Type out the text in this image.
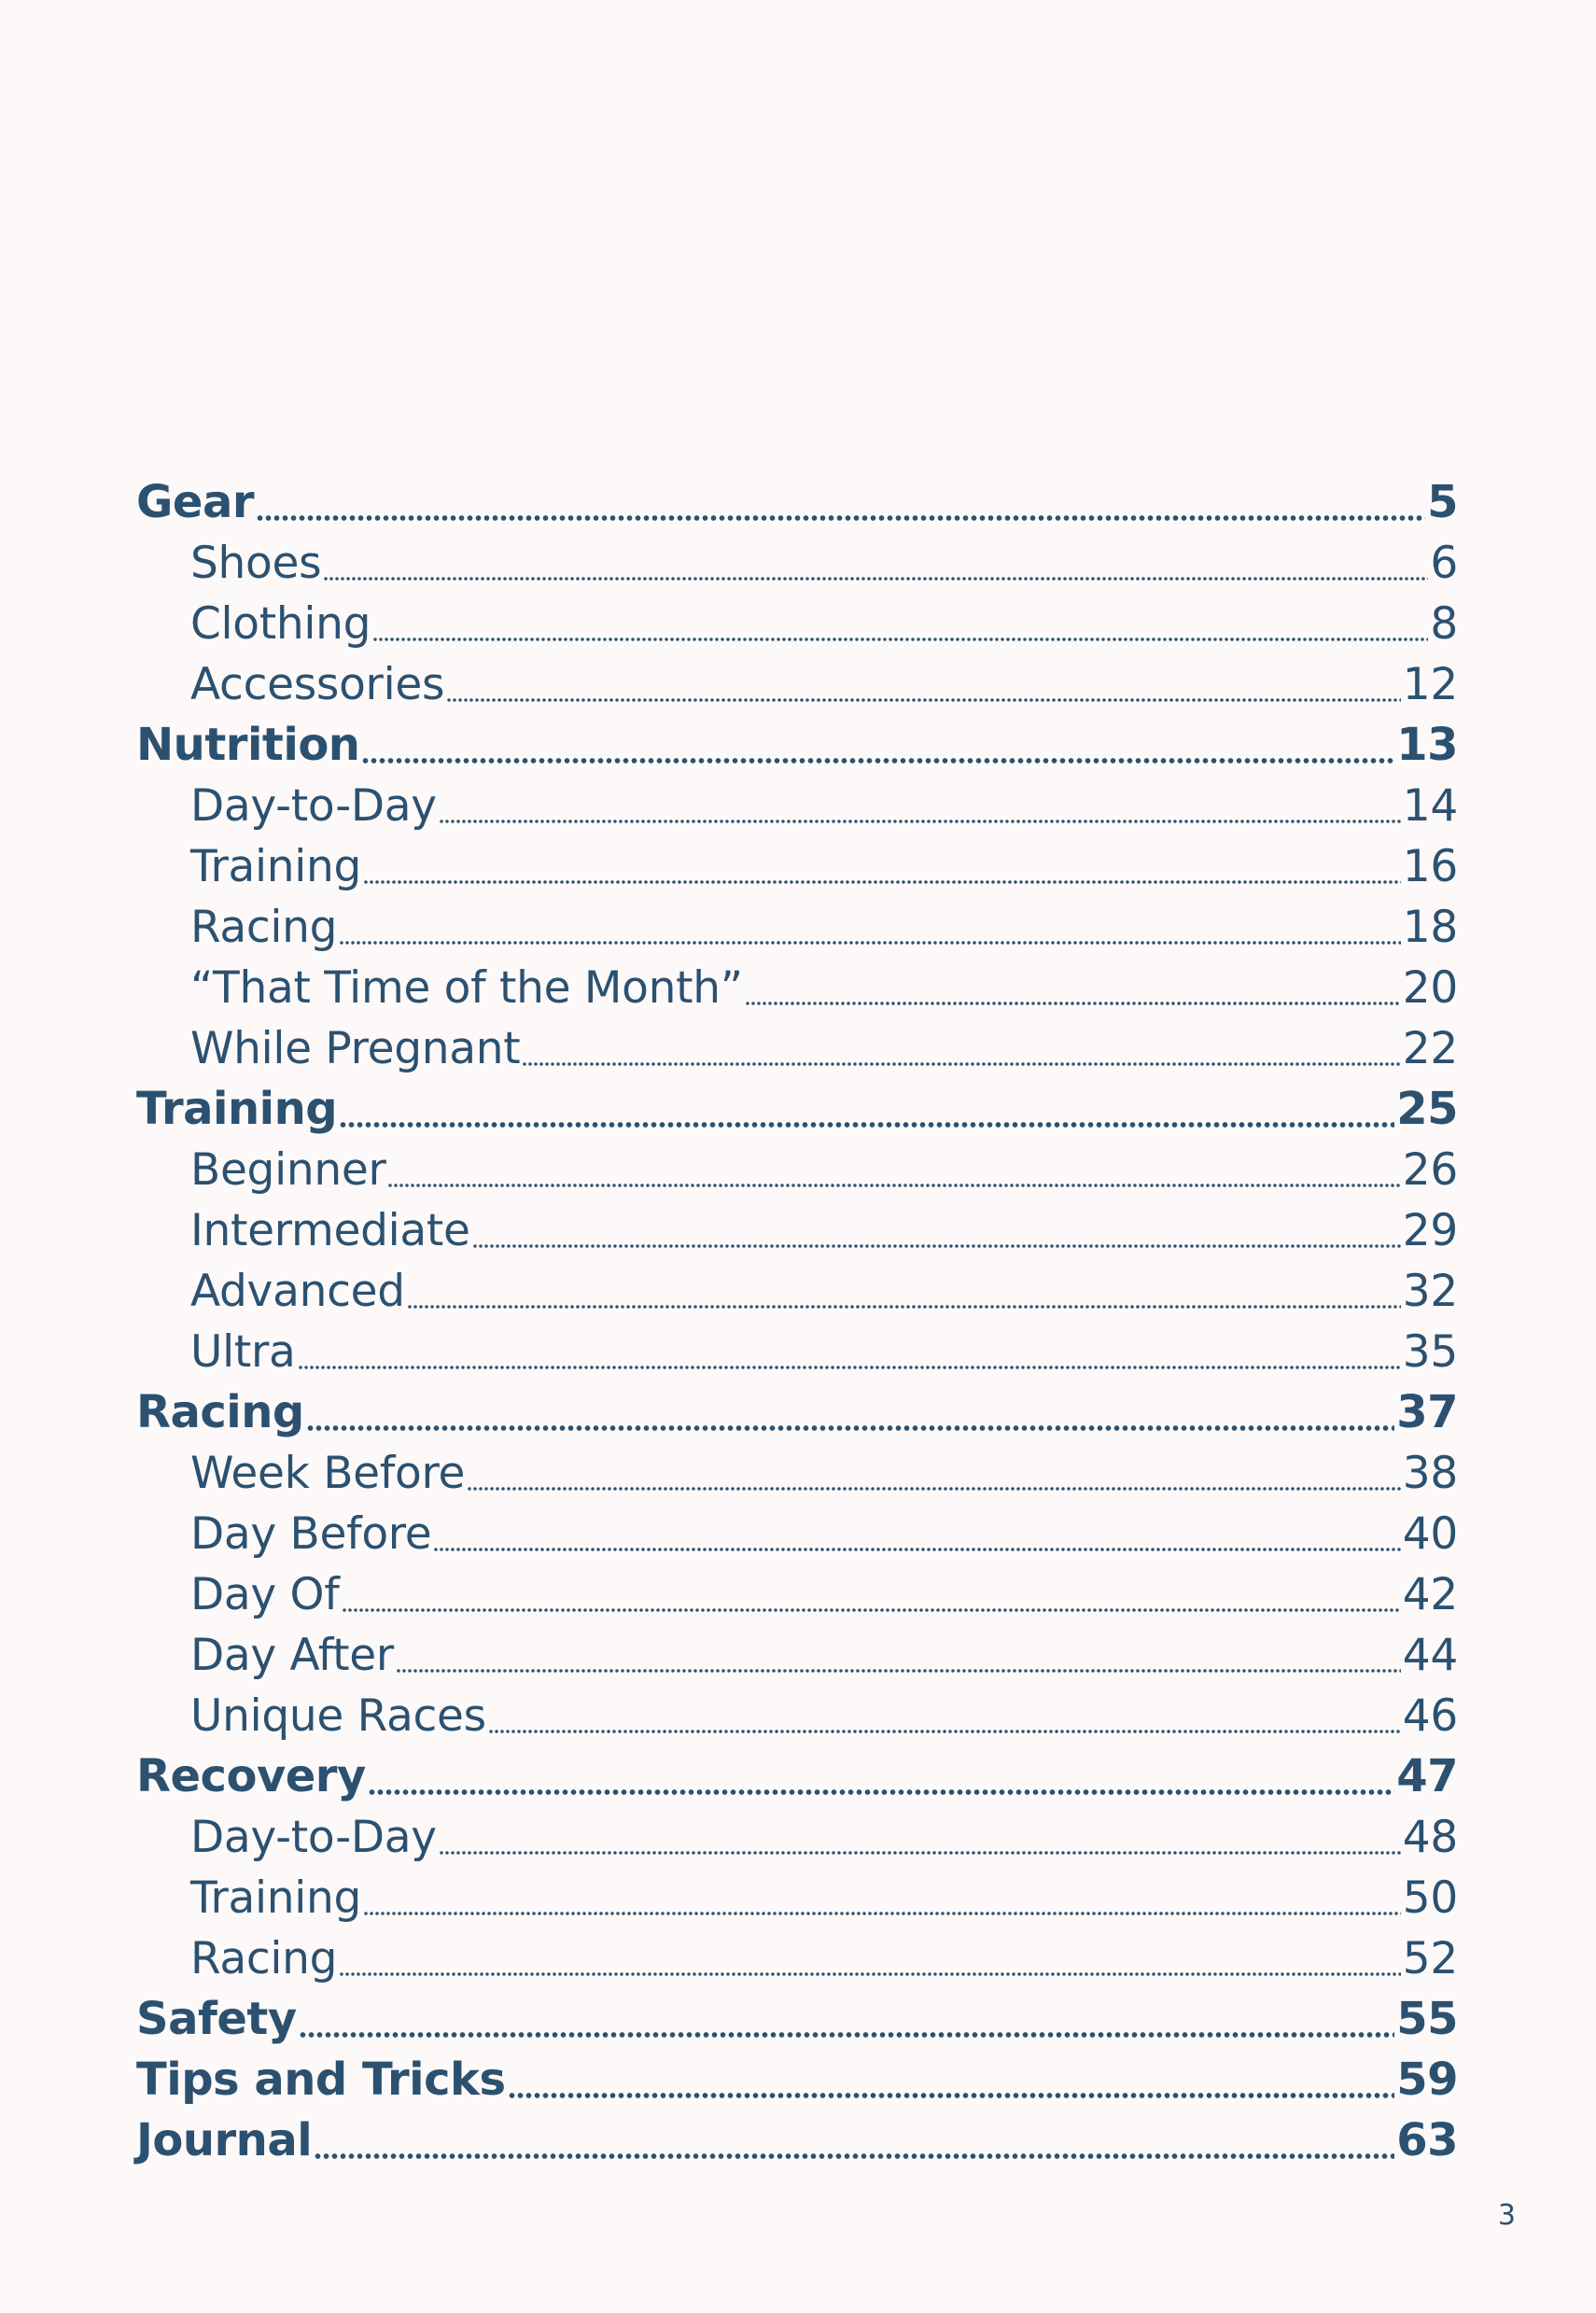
Gear	5
Shoes	6
Clothing	8
Accessories	12
Nutrition	13
Day-to-Day	14
Training	16
Racing	18
“That Time of the Month”	20
While Pregnant	22
Training	25
Beginner	26
Intermediate	29
Advanced	32
Ultra	35
Racing	37
Week Before	38
Day Before	40
Day Of	42
Day After	44
Unique Races	46
Recovery	47
Day-to-Day	48
Training	50
Racing	52
Safety	55
Tips and Tricks	59
Journal	63
3
